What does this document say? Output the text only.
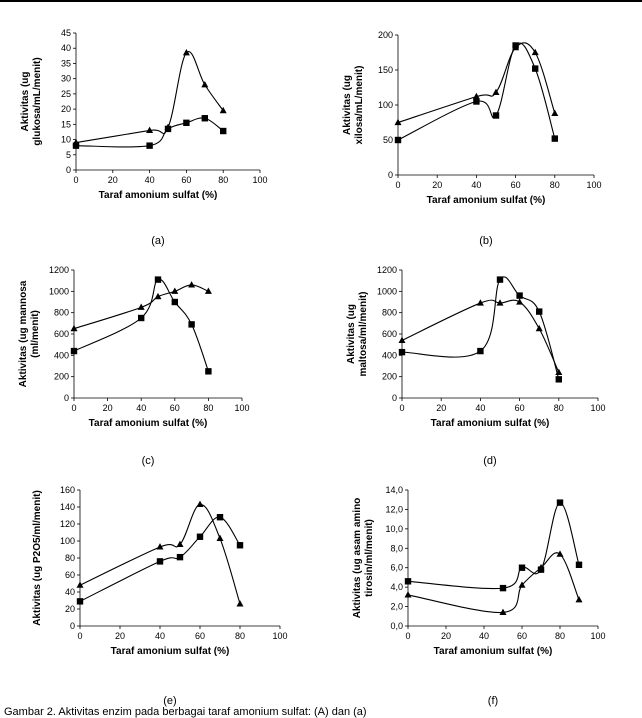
0
5
10
15
20
25
30
35
40
45
0	20	40	60	80	100
Taraf amonium sulfat (%)
Aktivitas (ugglukosa/mL/menit)
(a)
0
50
100
150
200
0	20	40	60	80	100
Taraf amonium sulfat (%)
Aktivitas (ugxilosa/mL/menit)
(b)
0
200
400
600
800
1000
1200
0	20	40	60	80 100
Taraf amonium sulfat (%)
Aktivitas (ug mannosa(ml/menit)
(c)
0
200
400
600
800
1000
1200
0	20	40	60	80	100
Taraf amonium sulfat (%)
Aktivitas (ugmaltosa/ml/menit)
(d)
0
20
40
60
80
100
120
140
160
0	20	40	60	80	100
Taraf amonium sulfat (%)
Aktivitas (ug P2O5/ml/menit)
(e)
0,0
2,0
4,0
6,0
8,0
10,0
12,0
14,0
0	20	40	60	80	100
Taraf amonium sulfat (%)
Aktivitas (ug asam aminotirosin/ml/menit)
(f)
Gambar 2. Aktivitas enzim pada berbagai taraf amonium sulfat: (A) dan (a)
